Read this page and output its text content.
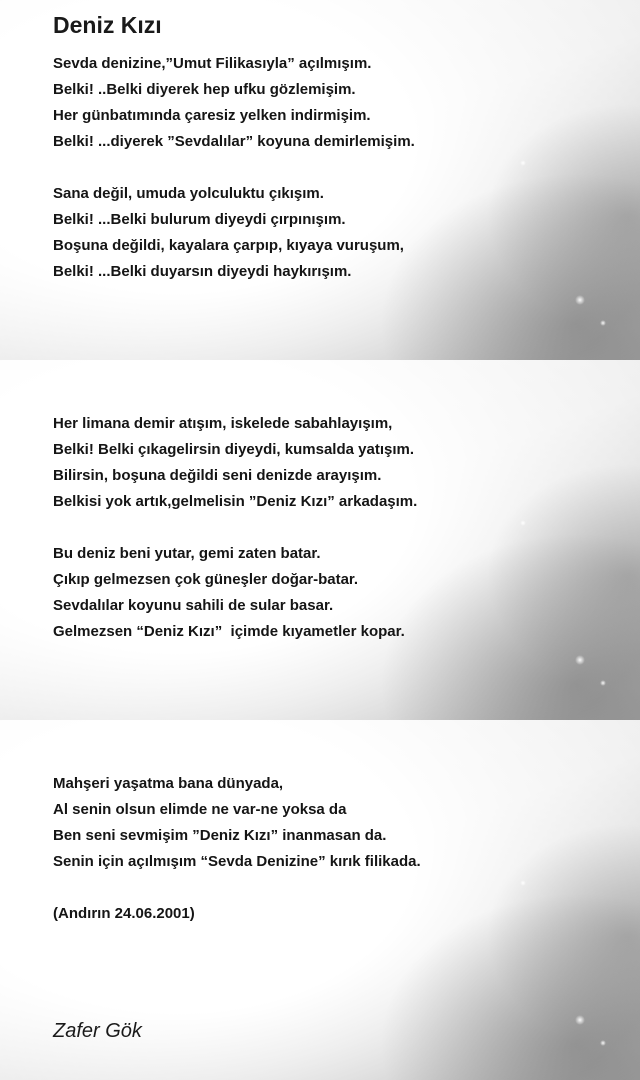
Deniz Kızı
Sevda denizine,”Umut Filikasıyla” açılmışım.
Belki! ..Belki diyerek hep ufku gözlemişim.
Her günbatımında çaresiz yelken indirmişim.
Belki! ...diyerek ”Sevdalılar” koyuna demirlemişim.
Sana değil, umuda yolculuktu çıkışım.
Belki! ...Belki bulurum diyeydi çırpınışım.
Boşuna değildi, kayalara çarpıp, kıyaya vuruşum,
Belki! ...Belki duyarsın diyeydi haykırışım.
Her limana demir atışım, iskelede sabahlayışım,
Belki! Belki çıkagelirsin diyeydi, kumsalda yatışım.
Bilirsin, boşuna değildi seni denizde arayışım.
Belkisi yok artık,gelmelisin ”Deniz Kızı” arkadaşım.
Bu deniz beni yutar, gemi zaten batar.
Çıkıp gelmezsen çok güneşler doğar-batar.
Sevdalılar koyunu sahili de sular basar.
Gelmezsen “Deniz Kızı”  içimde kıyametler kopar.
Mahşeri yaşatma bana dünyada,
Al senin olsun elimde ne var-ne yoksa da
Ben seni sevmişim ”Deniz Kızı” inanmasan da.
Senin için açılmışım “Sevda Denizine” kırık filikada.
(Andırın 24.06.2001)
Zafer Gök
